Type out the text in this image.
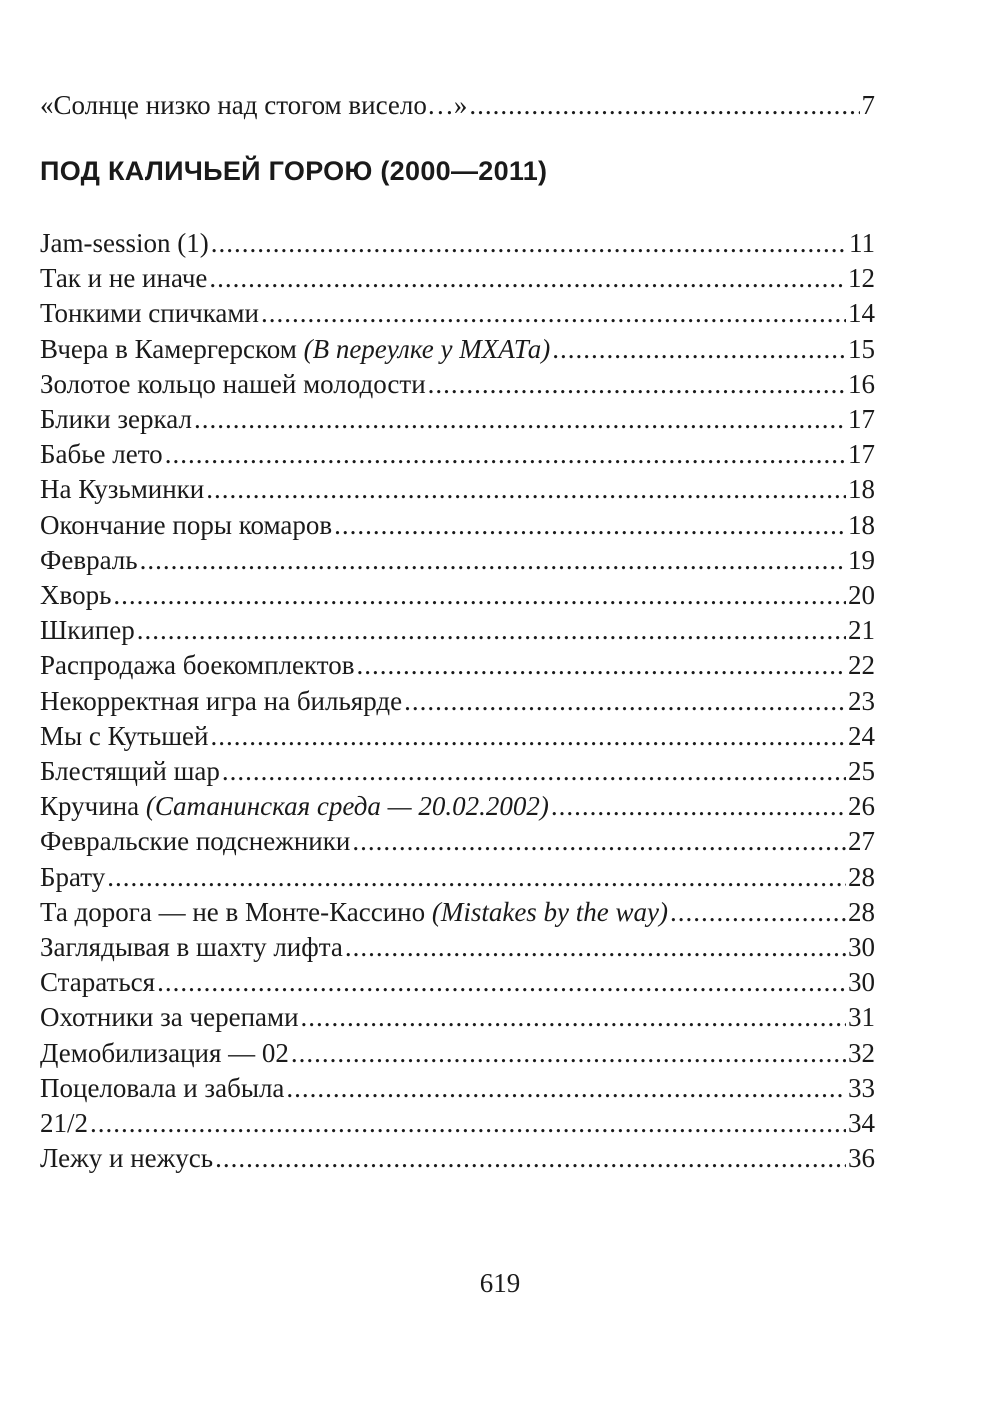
«Солнце низко над стогом висело…» .....	7
ПОД КАЛИЧЬЕЙ ГОРОЮ (2000—2011)
Jam-session (1) .....	11
Так и не иначе .....	12
Тонкими спичками .....	14
Вчера в Камергерском (В переулке у МХАТа) .....	15
Золотое кольцо нашей молодости .....	16
Блики зеркал .....	17
Бабье лето .....	17
На Кузьминки .....	18
Окончание поры комаров .....	18
Февраль .....	19
Хворь .....	20
Шкипер .....	21
Распродажа боекомплектов .....	22
Некорректная игра на бильярде .....	23
Мы с Кутьшей .....	24
Блестящий шар .....	25
Кручина (Сатанинская среда — 20.02.2002) .....	26
Февральские подснежники .....	27
Брату .....	28
Та дорога — не в Монте-Кассино (Mistakes by the way) .....	28
Заглядывая в шахту лифта .....	30
Стараться .....	30
Охотники за черепами .....	31
Демобилизация — 02 .....	32
Поцеловала и забыла .....	33
21/2 .....	34
Лежу и нежусь .....	36
619
